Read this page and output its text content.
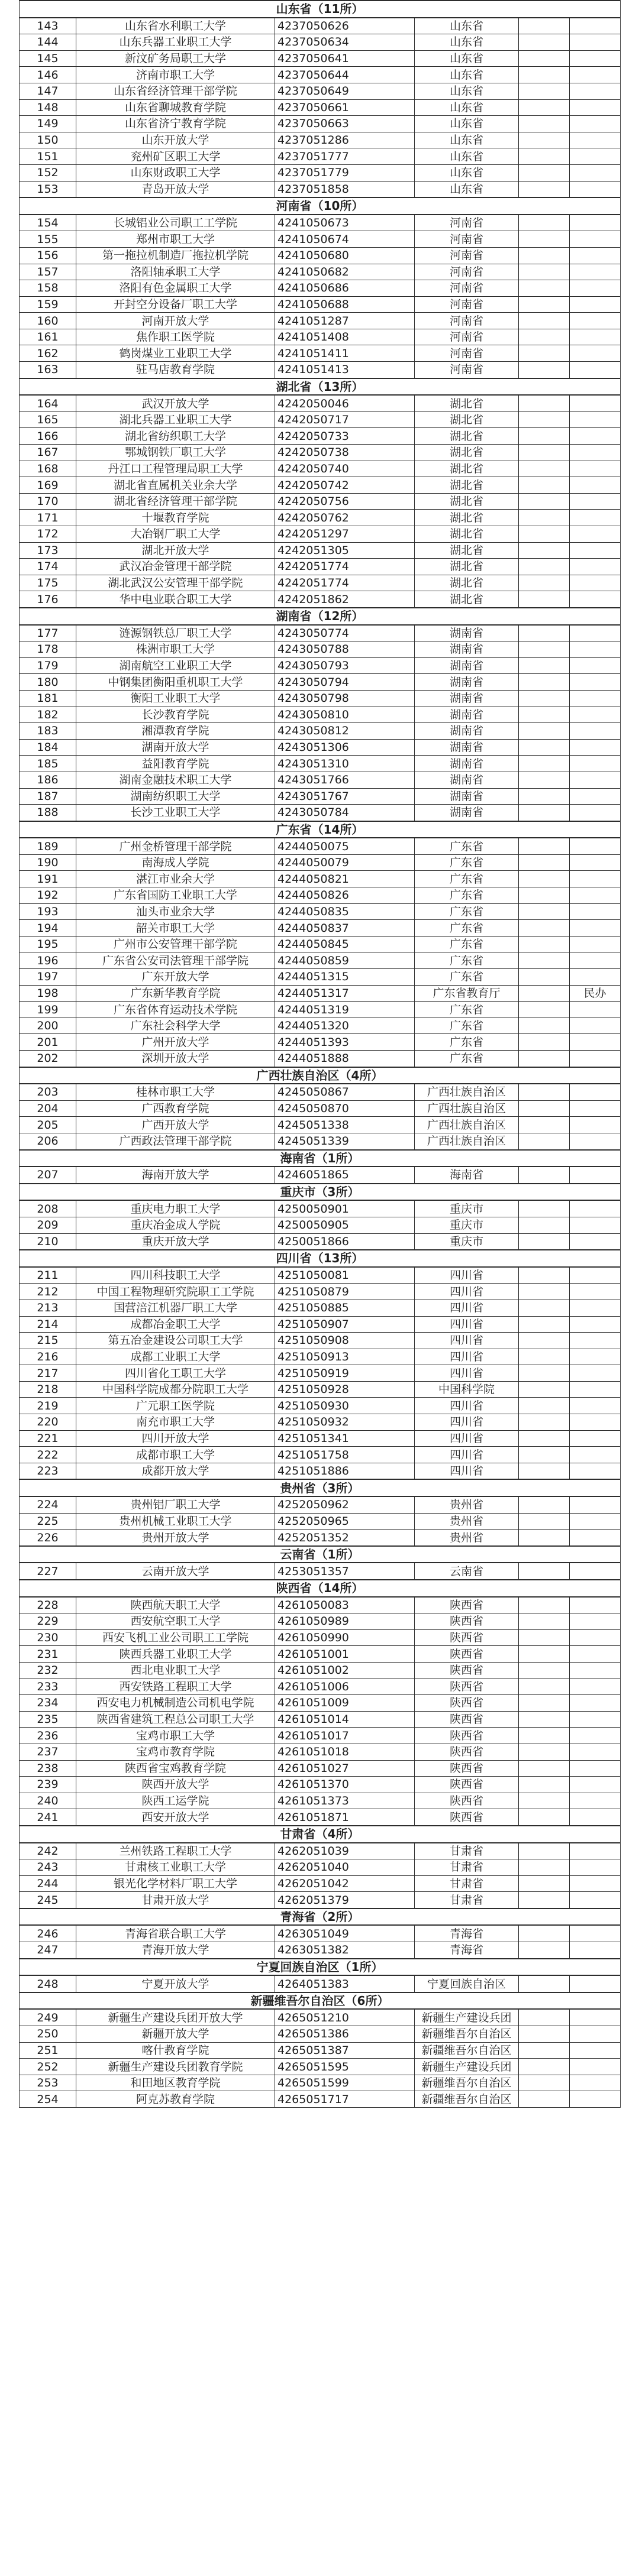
山东省（11所）					
143	山东省水利职工大学	4237050626	山东省		
144	山东兵器工业职工大学	4237050634	山东省		
145	新汶矿务局职工大学	4237050641	山东省		
146	济南市职工大学	4237050644	山东省		
147	山东省经济管理干部学院	4237050649	山东省		
148	山东省聊城教育学院	4237050661	山东省		
149	山东省济宁教育学院	4237050663	山东省		
150	山东开放大学	4237051286	山东省		
151	兖州矿区职工大学	4237051777	山东省		
152	山东财政职工大学	4237051779	山东省		
153	青岛开放大学	4237051858	山东省		
河南省（10所）					
154	长城铝业公司职工工学院	4241050673	河南省		
155	郑州市职工大学	4241050674	河南省		
156	第一拖拉机制造厂拖拉机学院	4241050680	河南省		
157	洛阳轴承职工大学	4241050682	河南省		
158	洛阳有色金属职工大学	4241050686	河南省		
159	开封空分设备厂职工大学	4241050688	河南省		
160	河南开放大学	4241051287	河南省		
161	焦作职工医学院	4241051408	河南省		
162	鹤岗煤业工业职工大学	4241051411	河南省		
163	驻马店教育学院	4241051413	河南省		
湖北省（13所）					
164	武汉开放大学	4242050046	湖北省		
165	湖北兵器工业职工大学	4242050717	湖北省		
166	湖北省纺织职工大学	4242050733	湖北省		
167	鄂城钢铁厂职工大学	4242050738	湖北省		
168	丹江口工程管理局职工大学	4242050740	湖北省		
169	湖北省直属机关业余大学	4242050742	湖北省		
170	湖北省经济管理干部学院	4242050756	湖北省		
171	十堰教育学院	4242050762	湖北省		
172	大冶钢厂职工大学	4242051297	湖北省		
173	湖北开放大学	4242051305	湖北省		
174	武汉冶金管理干部学院	4242051774	湖北省		
175	湖北武汉公安管理干部学院	4242051774	湖北省		
176	华中电业联合职工大学	4242051862	湖北省		
湖南省（12所）					
177	涟源钢铁总厂职工大学	4243050774	湖南省		
178	株洲市职工大学	4243050788	湖南省		
179	湖南航空工业职工大学	4243050793	湖南省		
180	中钢集团衡阳重机职工大学	4243050794	湖南省		
181	衡阳工业职工大学	4243050798	湖南省		
182	长沙教育学院	4243050810	湖南省		
183	湘潭教育学院	4243050812	湖南省		
184	湖南开放大学	4243051306	湖南省		
185	益阳教育学院	4243051310	湖南省		
186	湖南金融技术职工大学	4243051766	湖南省		
187	湖南纺织职工大学	4243051767	湖南省		
188	长沙工业职工大学	4243050784	湖南省		
广东省（14所）					
189	广州金桥管理干部学院	4244050075	广东省		
190	南海成人学院	4244050079	广东省		
191	湛江市业余大学	4244050821	广东省		
192	广东省国防工业职工大学	4244050826	广东省		
193	汕头市业余大学	4244050835	广东省		
194	韶关市职工大学	4244050837	广东省		
195	广州市公安管理干部学院	4244050845	广东省		
196	广东省公安司法管理干部学院	4244050859	广东省		
197	广东开放大学	4244051315	广东省		
198	广东新华教育学院	4244051317	广东省教育厅		民办
199	广东省体育运动技术学院	4244051319	广东省		
200	广东社会科学大学	4244051320	广东省		
201	广州开放大学	4244051393	广东省		
202	深圳开放大学	4244051888	广东省		
广西壮族自治区（4所）					
203	桂林市职工大学	4245050867	广西壮族自治区		
204	广西教育学院	4245050870	广西壮族自治区		
205	广西开放大学	4245051338	广西壮族自治区		
206	广西政法管理干部学院	4245051339	广西壮族自治区		
海南省（1所）					
207	海南开放大学	4246051865	海南省		
重庆市（3所）					
208	重庆电力职工大学	4250050901	重庆市		
209	重庆冶金成人学院	4250050905	重庆市		
210	重庆开放大学	4250051866	重庆市		
四川省（13所）					
211	四川科技职工大学	4251050081	四川省		
212	中国工程物理研究院职工工学院	4251050879	四川省		
213	国营涪江机器厂职工大学	4251050885	四川省		
214	成都冶金职工大学	4251050907	四川省		
215	第五冶金建设公司职工大学	4251050908	四川省		
216	成都工业职工大学	4251050913	四川省		
217	四川省化工职工大学	4251050919	四川省		
218	中国科学院成都分院职工大学	4251050928	中国科学院		
219	广元职工医学院	4251050930	四川省		
220	南充市职工大学	4251050932	四川省		
221	四川开放大学	4251051341	四川省		
222	成都市职工大学	4251051758	四川省		
223	成都开放大学	4251051886	四川省		
贵州省（3所）					
224	贵州铝厂职工大学	4252050962	贵州省		
225	贵州机械工业职工大学	4252050965	贵州省		
226	贵州开放大学	4252051352	贵州省		
云南省（1所）					
227	云南开放大学	4253051357	云南省		
陕西省（14所）					
228	陕西航天职工大学	4261050083	陕西省		
229	西安航空职工大学	4261050989	陕西省		
230	西安飞机工业公司职工工学院	4261050990	陕西省		
231	陕西兵器工业职工大学	4261051001	陕西省		
232	西北电业职工大学	4261051002	陕西省		
233	西安铁路工程职工大学	4261051006	陕西省		
234	西安电力机械制造公司机电学院	4261051009	陕西省		
235	陕西省建筑工程总公司职工大学	4261051014	陕西省		
236	宝鸡市职工大学	4261051017	陕西省		
237	宝鸡市教育学院	4261051018	陕西省		
238	陕西省宝鸡教育学院	4261051027	陕西省		
239	陕西开放大学	4261051370	陕西省		
240	陕西工运学院	4261051373	陕西省		
241	西安开放大学	4261051871	陕西省		
甘肃省（4所）					
242	兰州铁路工程职工大学	4262051039	甘肃省		
243	甘肃核工业职工大学	4262051040	甘肃省		
244	银光化学材料厂职工大学	4262051042	甘肃省		
245	甘肃开放大学	4262051379	甘肃省		
青海省（2所）					
246	青海省联合职工大学	4263051049	青海省		
247	青海开放大学	4263051382	青海省		
宁夏回族自治区（1所）					
248	宁夏开放大学	4264051383	宁夏回族自治区		
新疆维吾尔自治区（6所）					
249	新疆生产建设兵团开放大学	4265051210	新疆生产建设兵团		
250	新疆开放大学	4265051386	新疆维吾尔自治区		
251	喀什教育学院	4265051387	新疆维吾尔自治区		
252	新疆生产建设兵团教育学院	4265051595	新疆生产建设兵团		
253	和田地区教育学院	4265051599	新疆维吾尔自治区		
254	阿克苏教育学院	4265051717	新疆维吾尔自治区		
